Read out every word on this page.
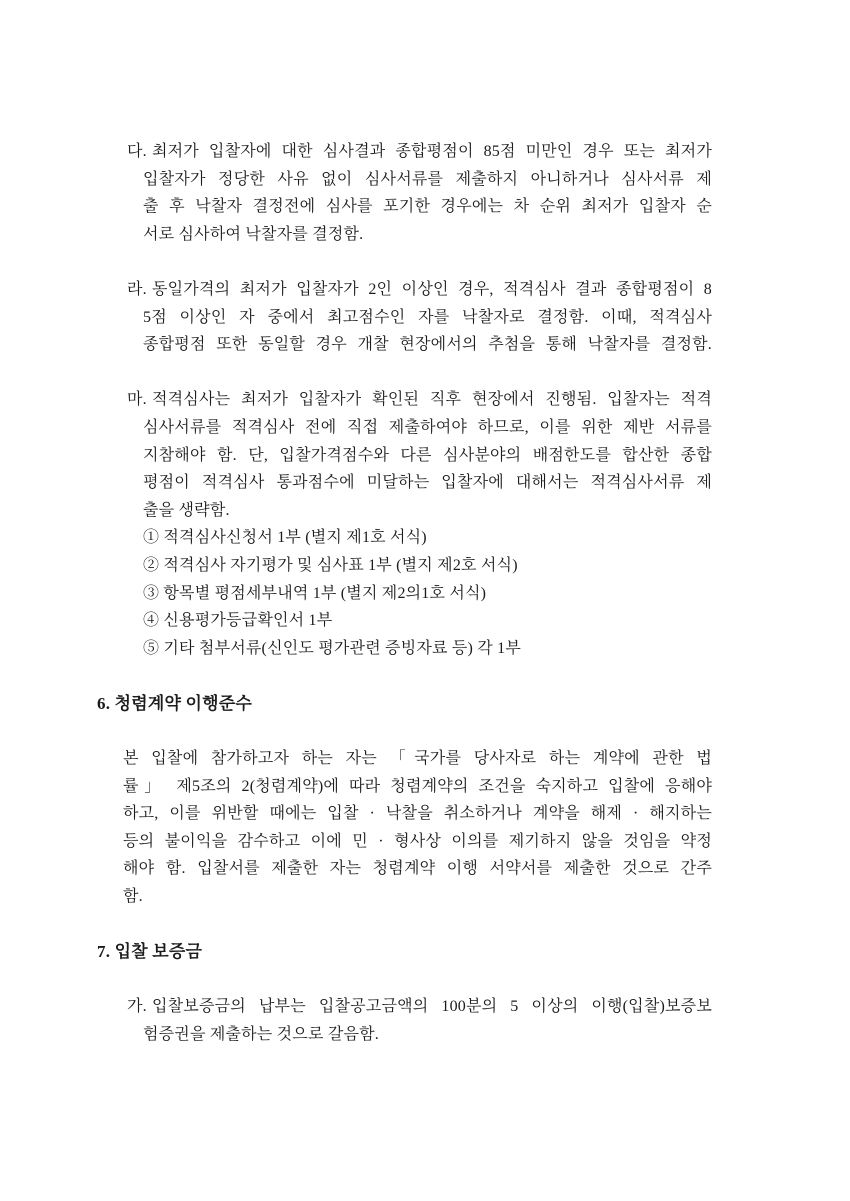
다. 최저가 입찰자에 대한 심사결과 종합평점이 85점 미만인 경우 또는 최저가
입찰자가 정당한 사유 없이 심사서류를 제출하지 아니하거나 심사서류 제
출 후 낙찰자 결정전에 심사를 포기한 경우에는 차 순위 최저가 입찰자 순
서로 심사하여 낙찰자를 결정함.
라. 동일가격의 최저가 입찰자가 2인 이상인 경우, 적격심사 결과 종합평점이 8
5점 이상인 자 중에서 최고점수인 자를 낙찰자로 결정함. 이때, 적격심사
종합평점 또한 동일할 경우 개찰 현장에서의 추첨을 통해 낙찰자를 결정함.
마. 적격심사는 최저가 입찰자가 확인된 직후 현장에서 진행됨. 입찰자는 적격
심사서류를 적격심사 전에 직접 제출하여야 하므로, 이를 위한 제반 서류를
지참해야 함. 단, 입찰가격점수와 다른 심사분야의 배점한도를 합산한 종합
평점이 적격심사 통과점수에 미달하는 입찰자에 대해서는 적격심사서류 제
출을 생략함.
① 적격심사신청서 1부 (별지 제1호 서식)
② 적격심사 자기평가 및 심사표 1부 (별지 제2호 서식)
③ 항목별 평점세부내역 1부 (별지 제2의1호 서식)
④ 신용평가등급확인서 1부
⑤ 기타 첨부서류(신인도 평가관련 증빙자료 등) 각 1부
6. 청렴계약 이행준수
본 입찰에 참가하고자 하는 자는 「국가를 당사자로 하는 계약에 관한 법
률」 제5조의 2(청렴계약)에 따라 청렴계약의 조건을 숙지하고 입찰에 응해야
하고, 이를 위반할 때에는 입찰 · 낙찰을 취소하거나 계약을 해제 · 해지하는
등의 불이익을 감수하고 이에 민 · 형사상 이의를 제기하지 않을 것임을 약정
해야 함. 입찰서를 제출한 자는 청렴계약 이행 서약서를 제출한 것으로 간주
함.
7. 입찰 보증금
가. 입찰보증금의 납부는 입찰공고금액의 100분의 5 이상의 이행(입찰)보증보
험증권을 제출하는 것으로 갈음함.
